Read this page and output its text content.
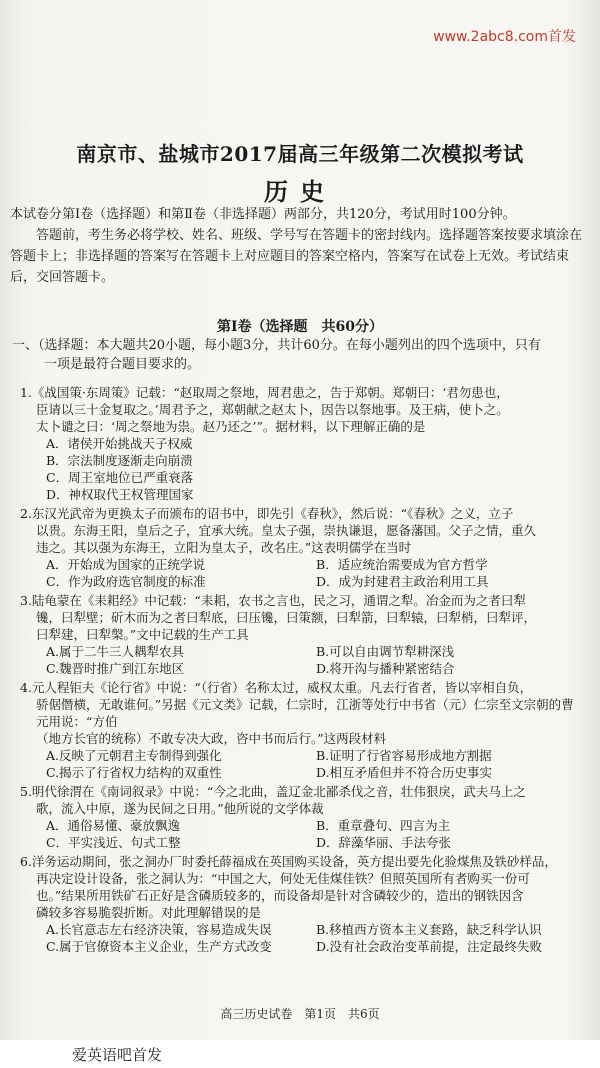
www.2abc8.com首发
南京市、盐城市2017届高三年级第二次模拟考试
历史

本试卷分第Ⅰ卷（选择题）和第Ⅱ卷（非选择题）两部分，共120分，考试用时100分钟。

答题前，考生务必将学校、姓名、班级、学号写在答题卡的密封线内。选择题答案按要求填涂在答题卡上；非选择题的答案写在答题卡上对应题目的答案空格内，答案写在试卷上无效。考试结束后，交回答题卡。

第Ⅰ卷（选择题　共60分）
一、（选择题：本大题共20小题，每小题3分，共计60分。在每小题列出的四个选项中，只有
一项是最符合题目要求的。
1.《战国策·东周策》记载：“赵取周之祭地，周君患之，告于郑朝。郑朝曰：‘君勿患也，
臣请以三十金复取之。’周君予之，郑朝献之赵太卜，因告以祭地事。及王病，使卜之。
太卜谴之曰：‘周之祭地为祟。赵乃还之’”。据材料，以下理解正确的是
A．诸侯开始挑战天子权威
B．宗法制度逐渐走向崩溃
C．周王室地位已严重衰落
D．神权取代王权管理国家
2.东汉光武帝为更换太子而颁布的诏书中，即先引《春秋》，然后说：“《春秋》之义，立子
以贵。东海王阳，皇后之子，宜承大统。皇太子强，崇执谦退，愿备藩国。父子之情，重久
违之。其以强为东海王，立阳为皇太子，改名庄。”这表明儒学在当时
A．开始成为国家的正统学说	B．适应统治需要成为官方哲学
C．作为政府选官制度的标准	D．成为封建君主政治利用工具
3.陆龟蒙在《耒耜经》中记载：“耒耜，农书之言也，民之习，通谓之犁。冶金而为之者曰犁
镵，曰犁壁；斫木而为之者曰犁底，曰压镵，曰策额，曰犁箭，曰犁辕，曰犁梢，曰犁评，
曰犁建，曰犁槃。”文中记载的生产工具
A.属于二牛三人耦犁农具	B.可以自由调节犁耕深浅
C.魏晋时推广到江东地区	D.将开沟与播种紧密结合
4.元人程钜夫《论行省》中说：“（行省）名称太过，威权太重。凡去行省者，皆以宰相自负，
骄倨僭横，无敢谁何。”另据《元文类》记载，仁宗时，江浙等处行中书省（元）仁宗至文宗朝的曹元用说：“方伯
（地方长官的统称）不敢专决大政，咨中书而后行。”这两段材料
A.反映了元朝君主专制得到强化	B.证明了行省容易形成地方割据
C.揭示了行省权力结构的双重性	D.相互矛盾但并不符合历史事实
5.明代徐渭在《南词叙录》中说：“今之北曲，盖辽金北鄙杀伐之音，壮伟狠戾，武夫马上之
歌，流入中原，遂为民间之日用。”他所说的文学体裁
A．通俗易懂、豪放飘逸	B．重章叠句、四言为主
C．平实浅近、句式工整	D．辞藻华丽、手法夸张
6.洋务运动期间，张之洞办厂时委托薛福成在英国购买设备，英方提出要先化验煤焦及铁砂样品，
再决定设计设备，张之洞认为：“中国之大，何处无佳煤佳铁？但照英国所有者购买一份可
也。”结果所用铁矿石正好是含磷质较多的，而设备却是针对含磷较少的，造出的钢铁因含
磷较多容易脆裂折断。对此理解错误的是
A.长官意志左右经济决策，容易造成失误	B.移植西方资本主义套路，缺乏科学认识
C.属于官僚资本主义企业，生产方式改变	D.没有社会政治变革前提，注定最终失败
高三历史试卷　第1页　共6页
爱英语吧首发
